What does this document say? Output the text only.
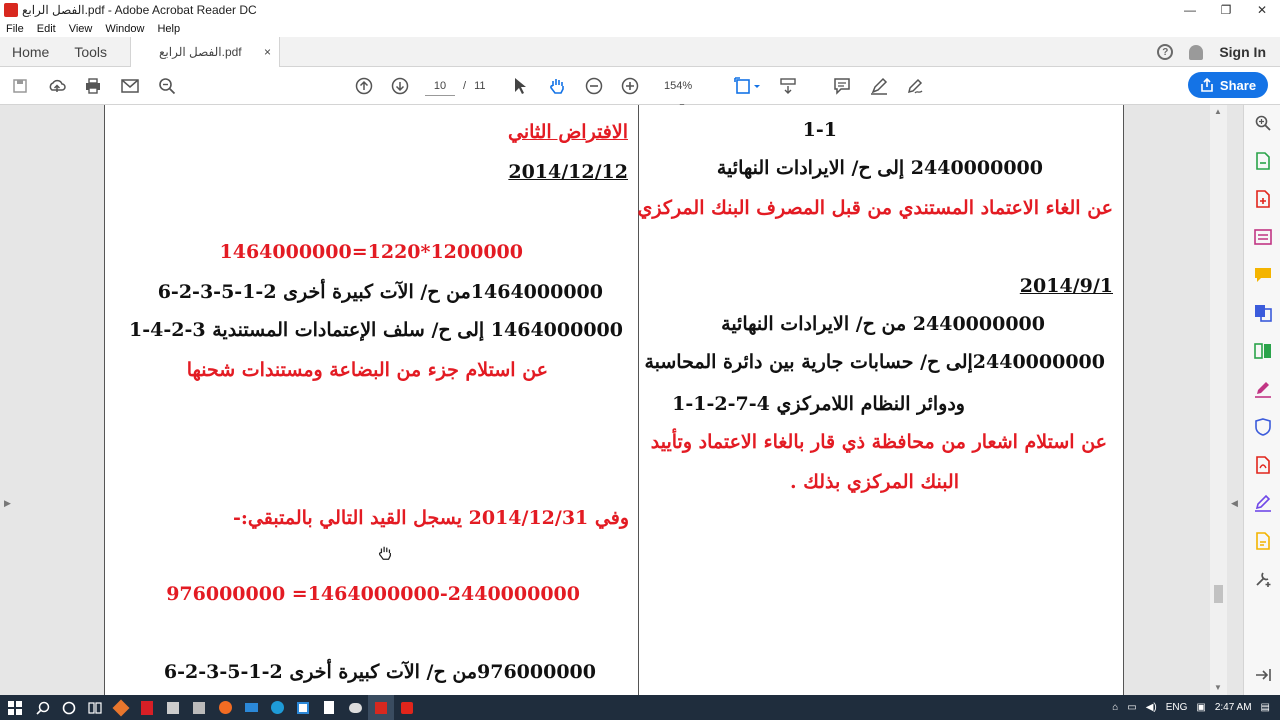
الفصل الرابع.pdf - Adobe Acrobat Reader DC	—	❐	✕
File	Edit	View	Window	Help
Home	Tools	الفصل الرابع.pdf ×	?	Sign In
10	/ 11	154%	Share
▶
1-1
2440000000 إلى ح/ الايرادات النهائية
عن الغاء الاعتماد المستندي من قبل المصرف البنك المركزي
2014/9/1
2440000000 من ح/ الايرادات النهائية
2440000000إلى ح/ حسابات جارية بين دائرة المحاسبة
ودوائر النظام اللامركزي 4-7-2-1-1
عن استلام اشعار من محافظة ذي قار بالغاء الاعتماد وتأييد
البنك المركزي بذلك .
الافتراض الثاني
2014/12/12
1464000000=1220*1200000
1464000000من ح/ الآت كبيرة أخرى 2-1-5-3-2-6
1464000000 إلى ح/ سلف الإعتمادات المستندية 3-2-4-1
عن استلام جزء من البضاعة ومستندات شحنها
وفي 2014/12/31 يسجل القيد التالي بالمتبقي:-
976000000 =1464000000-2440000000
976000000من ح/ الآت كبيرة أخرى 2-1-5-3-2-6
◀
▲
▼
⌂ ▭ ◀) ENG ▣ 2:47 AM ▤
